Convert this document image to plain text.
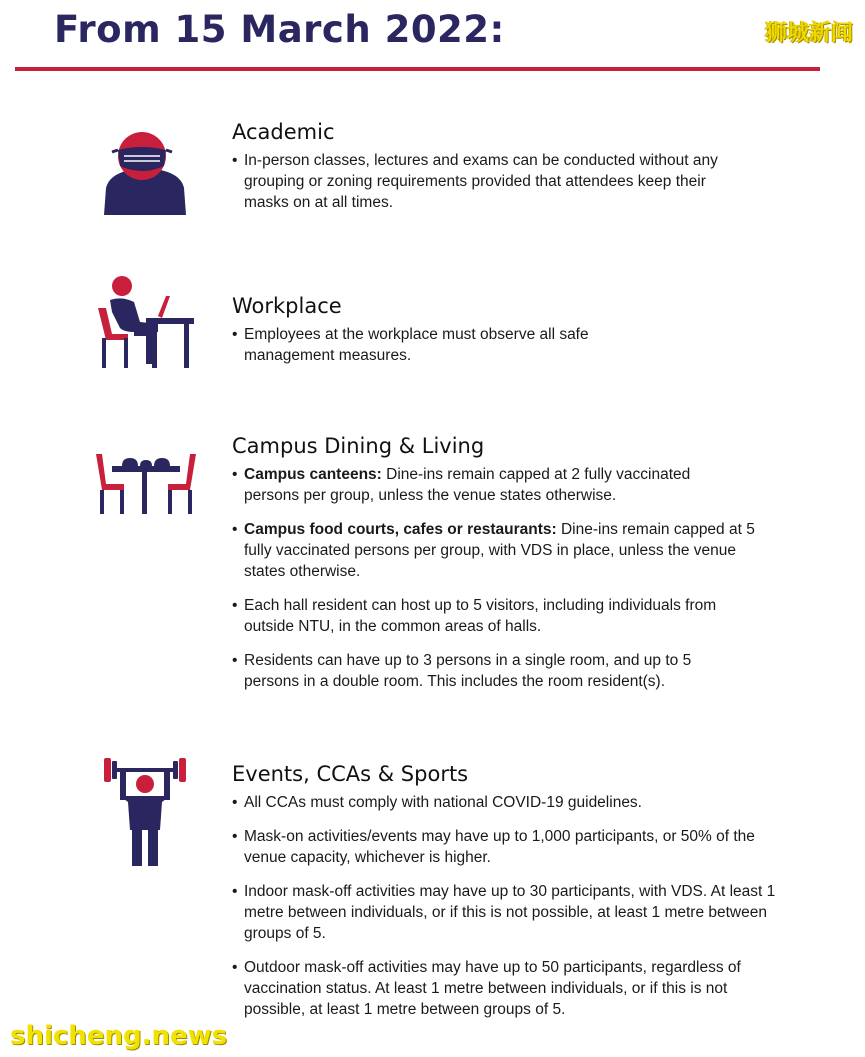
From 15 March 2022:	狮城新闻
Academic
• In-person classes, lectures and exams can be conducted without any grouping or zoning requirements provided that attendees keep their masks on at all times.
Workplace
• Employees at the workplace must observe all safe management measures.
Campus Dining & Living
• Campus canteens: Dine-ins remain capped at 2 fully vaccinated persons per group, unless the venue states otherwise.
• Campus food courts, cafes or restaurants: Dine-ins remain capped at 5 fully vaccinated persons per group, with VDS in place, unless the venue states otherwise.
• Each hall resident can host up to 5 visitors, including individuals from outside NTU, in the common areas of halls.
• Residents can have up to 3 persons in a single room, and up to 5 persons in a double room. This includes the room resident(s).
Events, CCAs & Sports
• All CCAs must comply with national COVID-19 guidelines.
• Mask-on activities/events may have up to 1,000 participants, or 50% of the venue capacity, whichever is higher.
• Indoor mask-off activities may have up to 30 participants, with VDS. At least 1 metre between individuals, or if this is not possible, at least 1 metre between groups of 5.
• Outdoor mask-off activities may have up to 50 participants, regardless of vaccination status. At least 1 metre between individuals, or if this is not possible, at least 1 metre between groups of 5.
shicheng.news
